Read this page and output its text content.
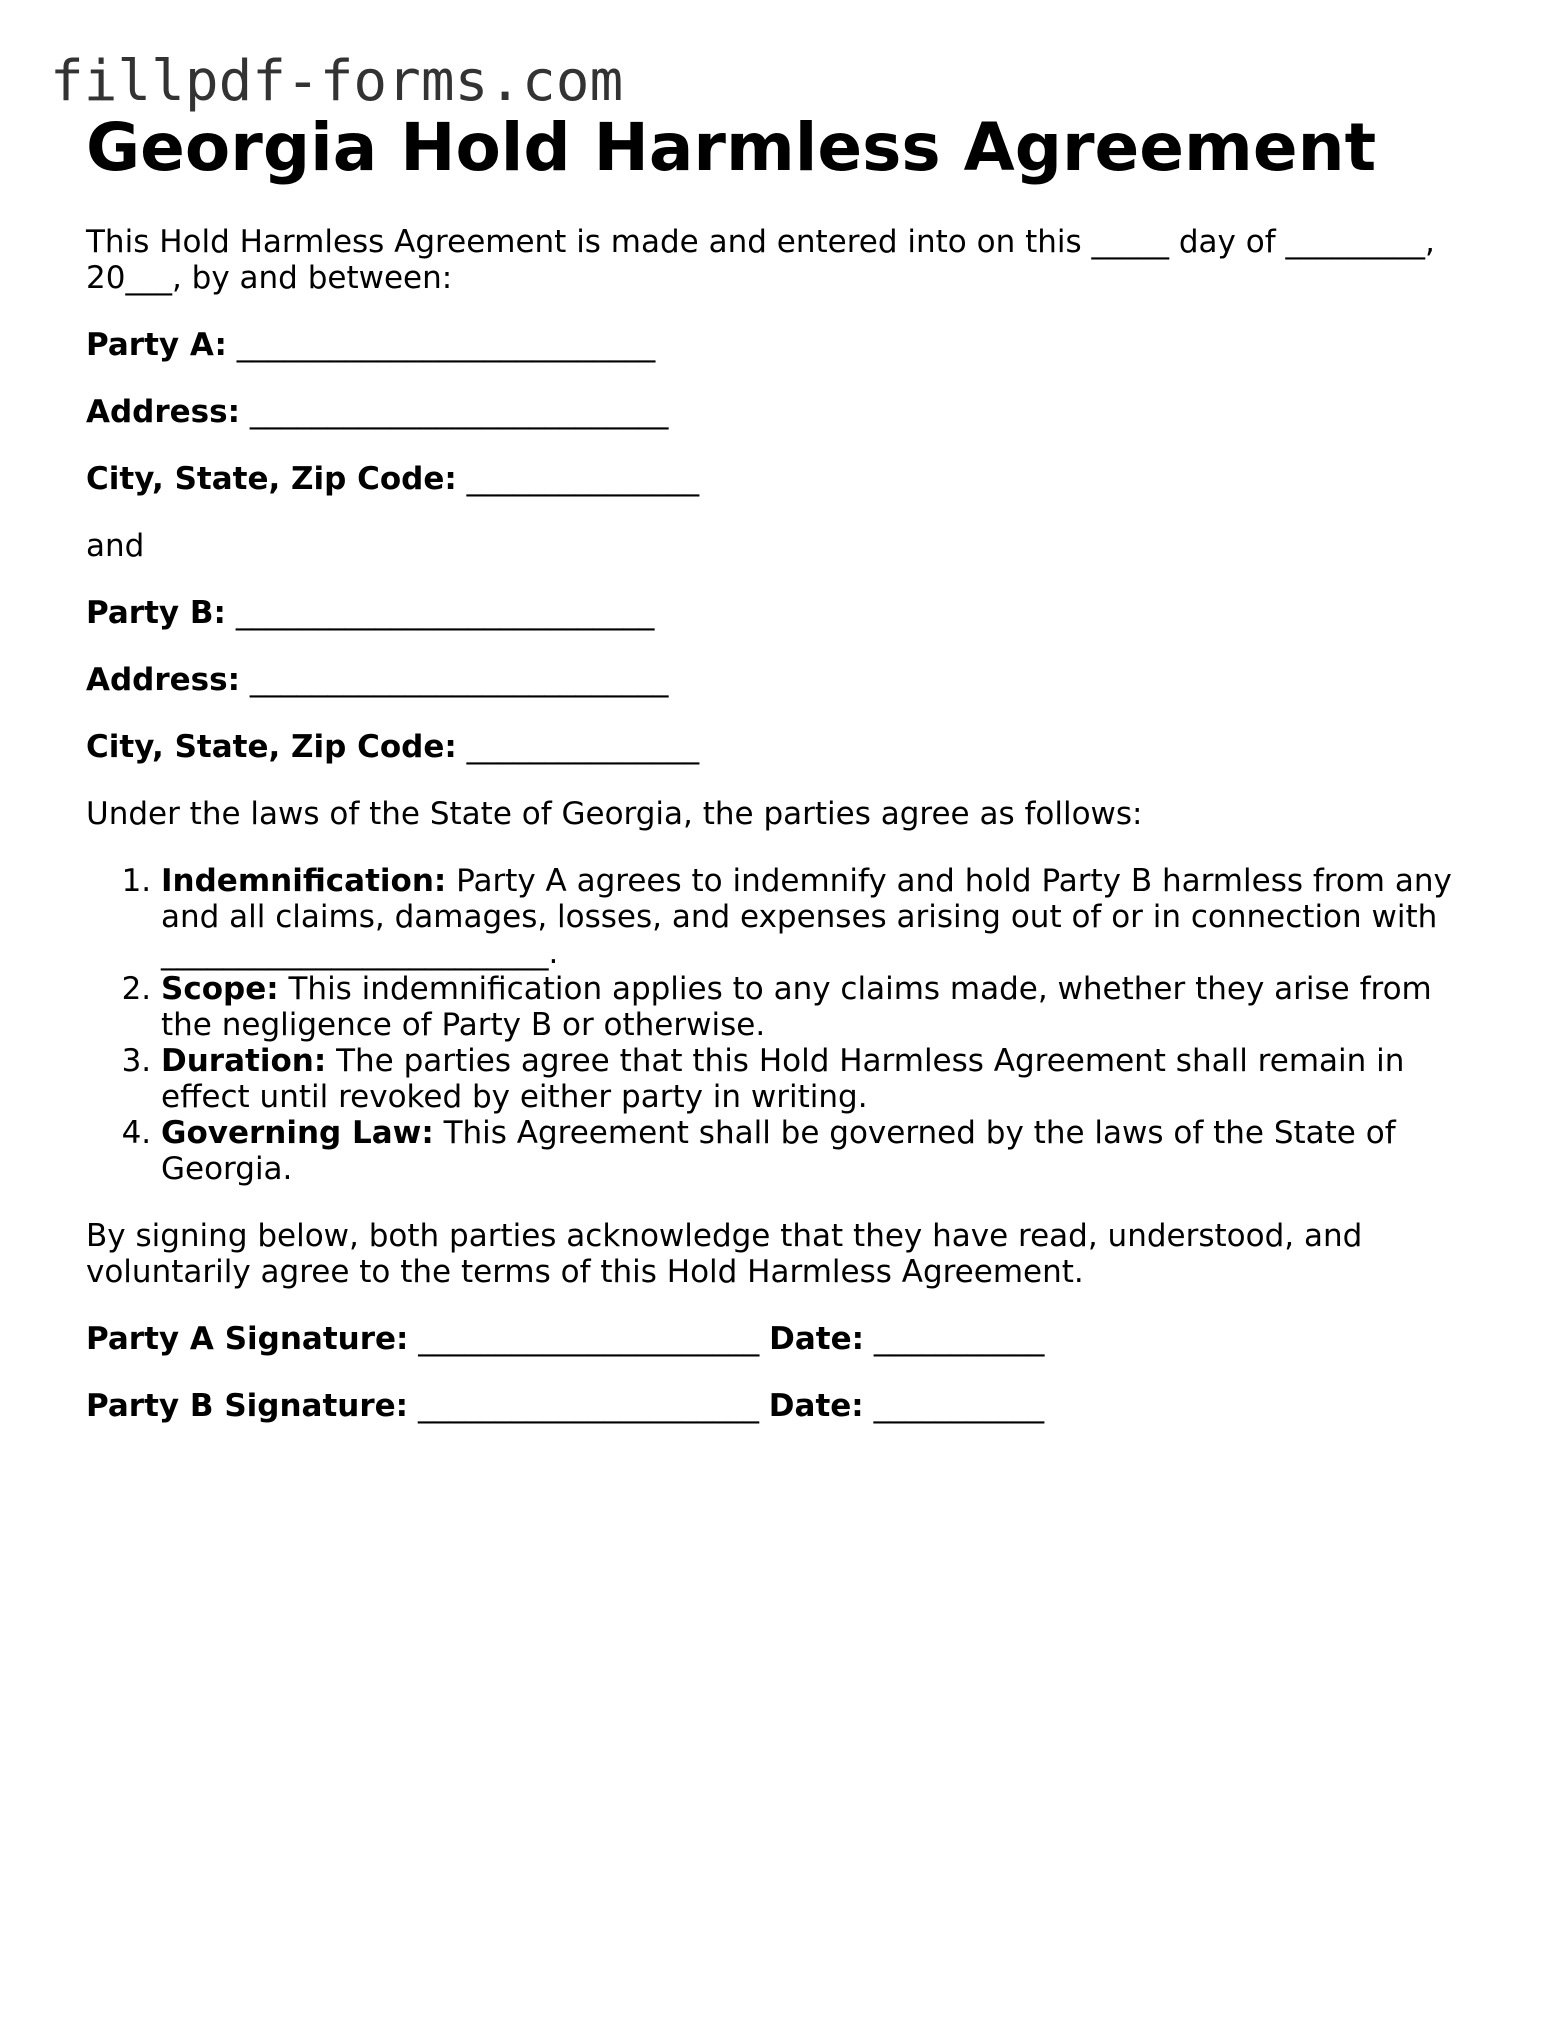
fillpdf-forms.com
Georgia Hold Harmless Agreement

This Hold Harmless Agreement is made and entered into on this _____ day of _________, 20___, by and between:

Party A: ___________________________

Address: ___________________________

City, State, Zip Code: _______________

and

Party B: ___________________________

Address: ___________________________

City, State, Zip Code: _______________

Under the laws of the State of Georgia, the parties agree as follows:

1. Indemnification: Party A agrees to indemnify and hold Party B harmless from any and all claims, damages, losses, and expenses arising out of or in connection with _________________________.
2. Scope: This indemnification applies to any claims made, whether they arise from the negligence of Party B or otherwise.
3. Duration: The parties agree that this Hold Harmless Agreement shall remain in effect until revoked by either party in writing.
4. Governing Law: This Agreement shall be governed by the laws of the State of Georgia.

By signing below, both parties acknowledge that they have read, understood, and voluntarily agree to the terms of this Hold Harmless Agreement.

Party A Signature: ______________________ Date: ___________

Party B Signature: ______________________ Date: ___________
